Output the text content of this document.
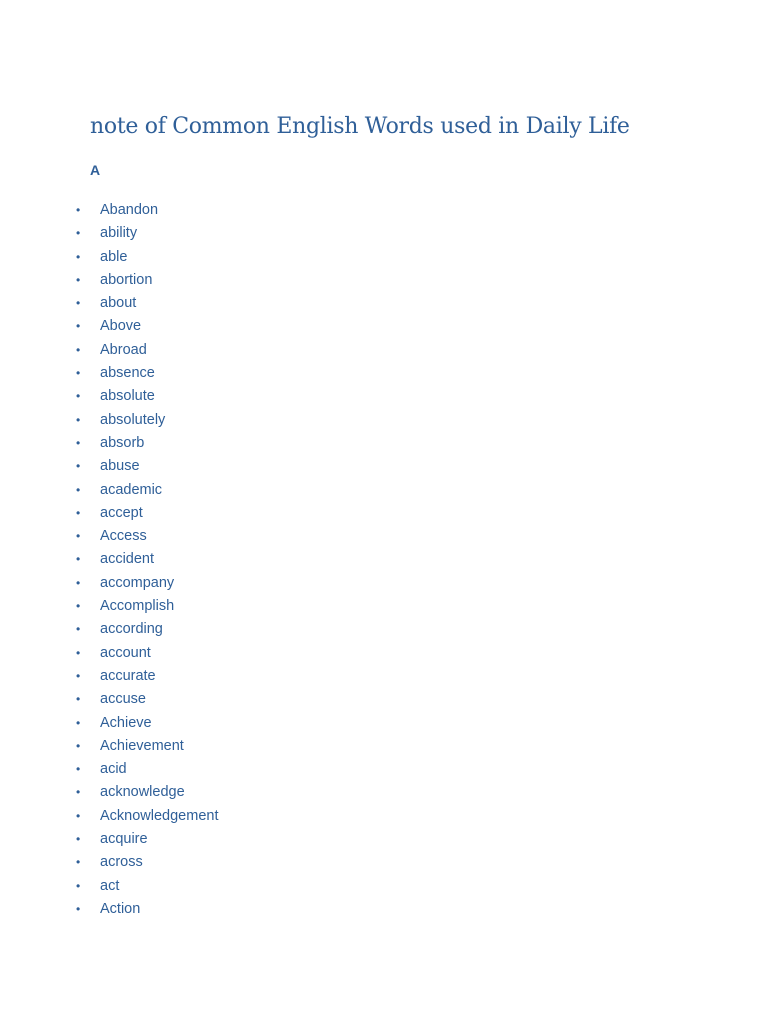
note of Common English Words used in Daily Life
A
• Abandon
• ability
• able
• abortion
• about
• Above
• Abroad
• absence
• absolute
• absolutely
• absorb
• abuse
• academic
• accept
• Access
• accident
• accompany
• Accomplish
• according
• account
• accurate
• accuse
• Achieve
• Achievement
• acid
• acknowledge
• Acknowledgement
• acquire
• across
• act
• Action
